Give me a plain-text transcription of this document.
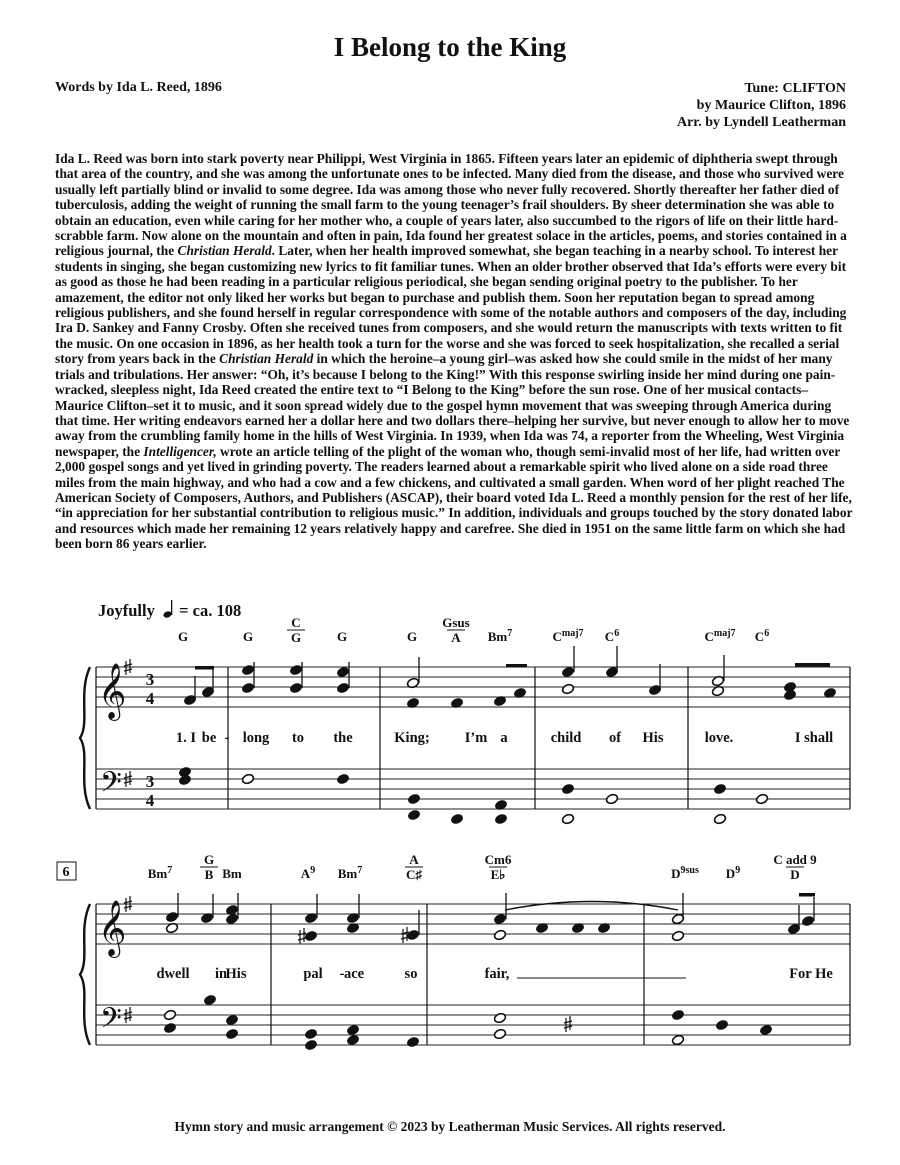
I Belong to the King
Words by Ida L. Reed, 1896	Tune: CLIFTON
by Maurice Clifton, 1896
Arr. by Lyndell Leatherman
Ida L. Reed was born into stark poverty near Philippi, West Virginia in 1865. Fifteen years later an epidemic of diphtheria swept through that area of the country, and she was among the unfortunate ones to be infected. Many died from the disease, and those who survived were usually left partially blind or invalid to some degree. Ida was among those who never fully recovered. Shortly thereafter her father died of tuberculosis, adding the weight of running the small farm to the young teenager’s frail shoulders. By sheer determination she was able to obtain an education, even while caring for her mother who, a couple of years later, also succumbed to the rigors of life on their little hard-scrabble farm. Now alone on the mountain and often in pain, Ida found her greatest solace in the articles, poems, and stories contained in a religious journal, the Christian Herald. Later, when her health improved somewhat, she began teaching in a nearby school. To interest her students in singing, she began customizing new lyrics to fit familiar tunes. When an older brother observed that Ida’s efforts were every bit as good as those he had been reading in a particular religious periodical, she began sending original poetry to the publisher. To her amazement, the editor not only liked her works but began to purchase and publish them. Soon her reputation began to spread among religious publishers, and she found herself in regular correspondence with some of the notable authors and composers of the day, including Ira D. Sankey and Fanny Crosby. Often she received tunes from composers, and she would return the manuscripts with texts written to fit the music. On one occasion in 1896, as her health took a turn for the worse and she was forced to seek hospitalization, she recalled a serial story from years back in the Christian Herald in which the heroine–a young girl–was asked how she could smile in the midst of her many trials and tribulations. Her answer: “Oh, it’s because I belong to the King!” With this response swirling inside her mind during one pain-wracked, sleepless night, Ida Reed created the entire text to “I Belong to the King” before the sun rose. One of her musical contacts–Maurice Clifton–set it to music, and it soon spread widely due to the gospel hymn movement that was sweeping through America during that time. Her writing endeavors earned her a dollar here and two dollars there–helping her survive, but never enough to allow her to move away from the crumbling family home in the hills of West Virginia. In 1939, when Ida was 74, a reporter from the Wheeling, West Virginia newspaper, the Intelligencer, wrote an article telling of the plight of the woman who, though semi-invalid most of her life, had written over 2,000 gospel songs and yet lived in grinding poverty. The readers learned about a remarkable spirit who lived alone on a side road three miles from the main highway, and who had a cow and a few chickens, and cultivated a small garden. When word of her plight reached The American Society of Composers, Authors, and Publishers (ASCAP), their board voted Ida L. Reed a monthly pension for the rest of her life, “in appreciation for her substantial contribution to religious music.” In addition, individuals and groups touched by the story donated labor and resources which made her remaining 12 years relatively happy and carefree. She died in 1951 on the same little farm on which she had been born 86 years earlier.
Joyfully = ca. 108
𝄞
𝄢
3
4
3
4
G	G
C
G	G	G
Gsus
A Bm$^7$	$C^{maj7}$ $C^6$	$C^{maj7}$ $C^6$
1. I be - long to the	King; I’m a	child of His	love.	I shall
𝄞
𝄢
6	Bm$^7$
G
B Bm	$A^9$ Bm$^7$
A
C♯
Cm6
E♭	$D^{9sus}$ $D^9$
C add 9
D
dwell in
His	pal - ace	so	fair,	For He
Hymn story and music arrangement © 2023 by Leatherman Music Services. All rights reserved.
